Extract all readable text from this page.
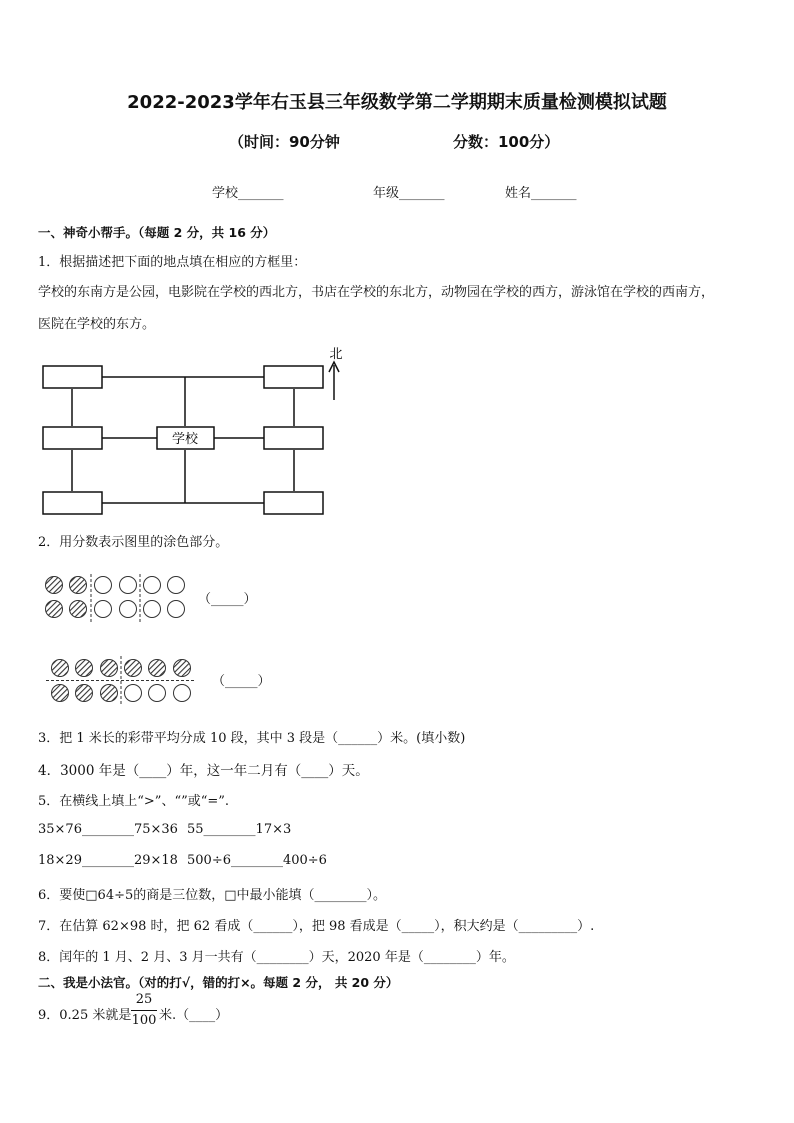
2022-2023学年右玉县三年级数学第二学期期末质量检测模拟试题
（时间：90分钟	分数：100分）
学校_______	年级_______	姓名_______
一、神奇小帮手。（每题 2 分，共 16 分）
1．根据描述把下面的地点填在相应的方框里：
学校的东南方是公园，电影院在学校的西北方，书店在学校的东北方，动物园在学校的西方，游泳馆在学校的西南方，
医院在学校的东方。
学校
北
2．用分数表示图里的涂色部分。
（_____）
（_____）
3．把 1 米长的彩带平均分成 10 段，其中 3 段是（______）米。(填小数)
4．3000 年是（____）年，这一年二月有（____）天。
5．在横线上填上“>”、“”或“=”.
35×76________75×36 55________17×3
18×29________29×18 500÷6________400÷6
6．要使□64÷5的商是三位数，□中最小能填（________）。
7．在估算 62×98 时，把 62 看成（______），把 98 看成是（_____），积大约是（_________）.
8．闰年的 1 月、2 月、3 月一共有（________）天，2020 年是（________）年。
二、我是小法官。（对的打√，错的打×。每题 2 分， 共 20 分）
9．0.25 米就是
25
100 米.（____）
